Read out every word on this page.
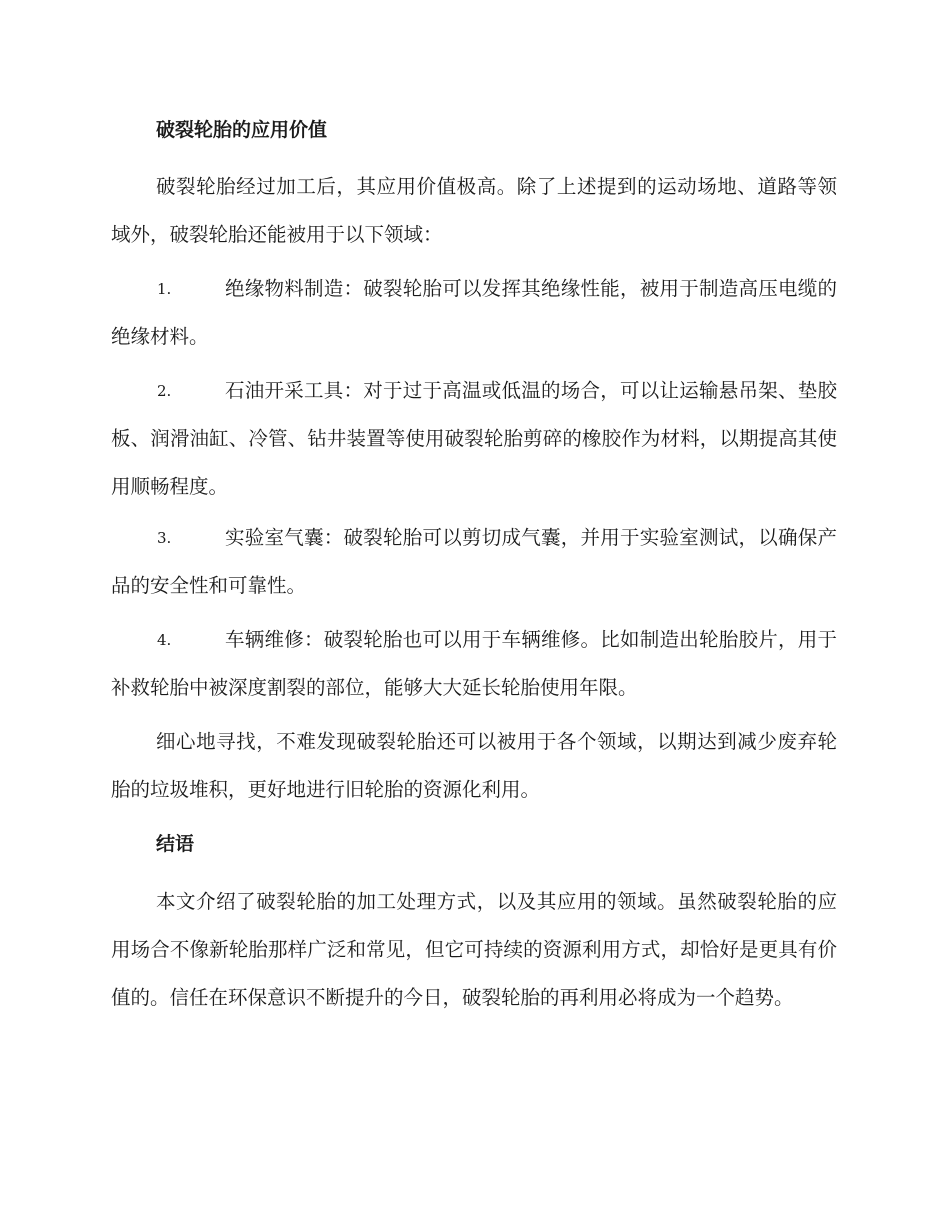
破裂轮胎的应用价值
破裂轮胎经过加工后，其应用价值极高。除了上述提到的运动场地、道路等领域外，破裂轮胎还能被用于以下领域：
1.	绝缘物料制造：破裂轮胎可以发挥其绝缘性能，被用于制造高压电缆的绝缘材料。
2.	石油开采工具：对于过于高温或低温的场合，可以让运输悬吊架、垫胶板、润滑油缸、冷管、钻井装置等使用破裂轮胎剪碎的橡胶作为材料，以期提高其使用顺畅程度。
3.	实验室气囊：破裂轮胎可以剪切成气囊，并用于实验室测试，以确保产品的安全性和可靠性。
4.	车辆维修：破裂轮胎也可以用于车辆维修。比如制造出轮胎胶片，用于补救轮胎中被深度割裂的部位，能够大大延长轮胎使用年限。
细心地寻找，不难发现破裂轮胎还可以被用于各个领域，以期达到减少废弃轮胎的垃圾堆积，更好地进行旧轮胎的资源化利用。
结语
本文介绍了破裂轮胎的加工处理方式，以及其应用的领域。虽然破裂轮胎的应用场合不像新轮胎那样广泛和常见，但它可持续的资源利用方式，却恰好是更具有价值的。信任在环保意识不断提升的今日，破裂轮胎的再利用必将成为一个趋势。
